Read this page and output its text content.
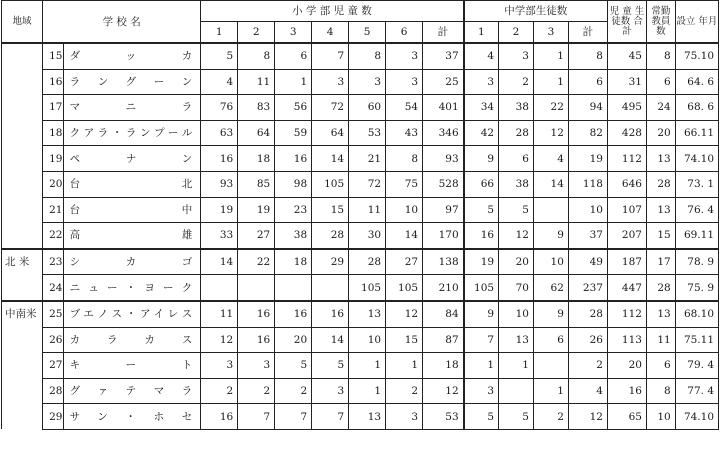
地域	学 校 名		小 学 部 児 童 数							中学部生徒数				児 童 生徒数 合 計	常勤 教員 数	設立 年月
			1	2	3	4	5	6	計	1	2	3	計			
	15	ダッカ	5	8	6	7	8	3	37	4	3	1	8	45	8	75.10
	16	ラングーン	4	11	1	3	3	3	25	3	2	1	6	31	6	64. 6
	17	マニラ	76	83	56	72	60	54	401	34	38	22	94	495	24	68. 6
	18	クアラ・ランプール	63	64	59	64	53	43	346	42	28	12	82	428	20	66.11
	19	ペナン	16	18	16	14	21	8	93	9	6	4	19	112	13	74.10
	20	台北	93	85	98	105	72	75	528	66	38	14	118	646	28	73. 1
	21	台中	19	19	23	15	11	10	97	5	5		10	107	13	76. 4
	22	高雄	33	27	38	28	30	14	170	16	12	9	37	207	15	69.11
北 米	23	シカゴ	14	22	18	29	28	27	138	19	20	10	49	187	17	78. 9
	24	ニュー・ヨーク					105	105	210	105	70	62	237	447	28	75. 9
中南米	25	ブエノス・アイレス	11	16	16	16	13	12	84	9	10	9	28	112	13	68.10
	26	カラカス	12	16	20	14	10	15	87	7	13	6	26	113	11	75.11
	27	キート	3	3	5	5	1	1	18	1	1		2	20	6	79. 4
	28	グァテマラ	2	2	2	3	1	2	12	3		1	4	16	8	77. 4
	29	サン・ホセ	16	7	7	7	13	3	53	5	5	2	12	65	10	74.10
